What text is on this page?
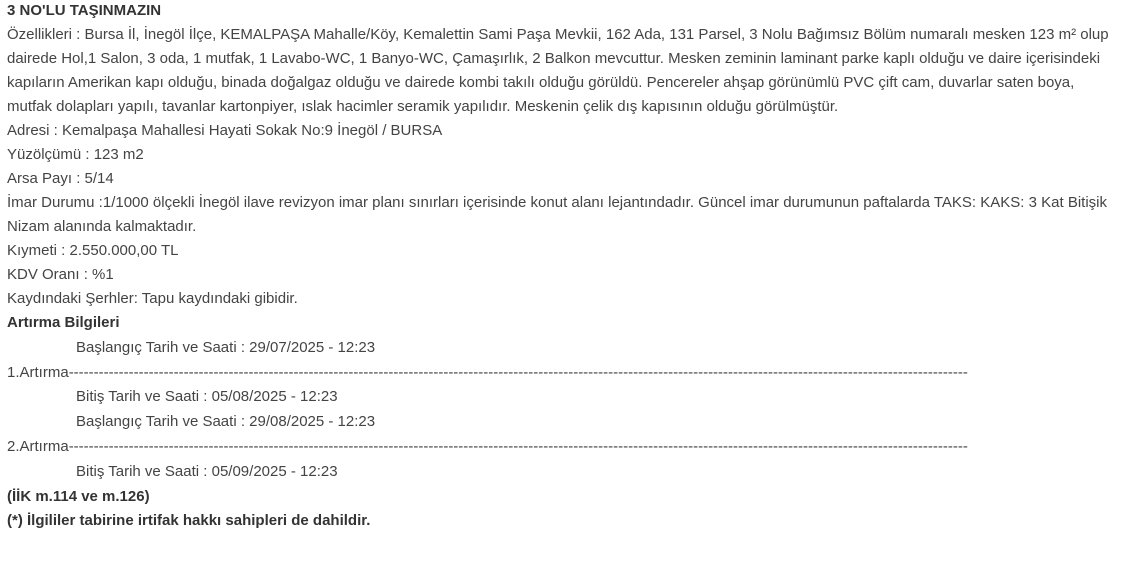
3 NO'LU TAŞINMAZIN
Özellikleri : Bursa İl, İnegöl İlçe, KEMALPAŞA Mahalle/Köy, Kemalettin Sami Paşa Mevkii, 162 Ada, 131 Parsel, 3 Nolu Bağımsız Bölüm numaralı mesken 123 m² olup dairede Hol,1 Salon, 3 oda, 1 mutfak, 1 Lavabo-WC, 1 Banyo-WC, Çamaşırlık, 2 Balkon mevcuttur. Mesken zeminin laminant parke kaplı olduğu ve daire içerisindeki kapıların Amerikan kapı olduğu, binada doğalgaz olduğu ve dairede kombi takılı olduğu görüldü. Pencereler ahşap görünümlü PVC çift cam, duvarlar saten boya, mutfak dolapları yapılı, tavanlar kartonpiyer, ıslak hacimler seramik yapılıdır. Meskenin çelik dış kapısının olduğu görülmüştür.
Adresi : Kemalpaşa Mahallesi Hayati Sokak No:9 İnegöl / BURSA
Yüzölçümü : 123 m2
Arsa Payı : 5/14
İmar Durumu :1/1000 ölçekli İnegöl ilave revizyon imar planı sınırları içerisinde konut alanı lejantındadır. Güncel imar durumunun paftalarda TAKS: KAKS: 3 Kat Bitişik Nizam alanında kalmaktadır.
Kıymeti : 2.550.000,00 TL
KDV Oranı : %1
Kaydındaki Şerhler: Tapu kaydındaki gibidir.
Artırma Bilgileri
Başlangıç Tarih ve Saati : 29/07/2025 - 12:23
1.Artırma ------------------------------------------------------------------------------------------------------------------------------------------------------------------------------------
Bitiş Tarih ve Saati : 05/08/2025 - 12:23
Başlangıç Tarih ve Saati : 29/08/2025 - 12:23
2.Artırma ------------------------------------------------------------------------------------------------------------------------------------------------------------------------------------
Bitiş Tarih ve Saati : 05/09/2025 - 12:23
(İİK m.114 ve m.126)
(*) İlgililer tabirine irtifak hakkı sahipleri de dahildir.
